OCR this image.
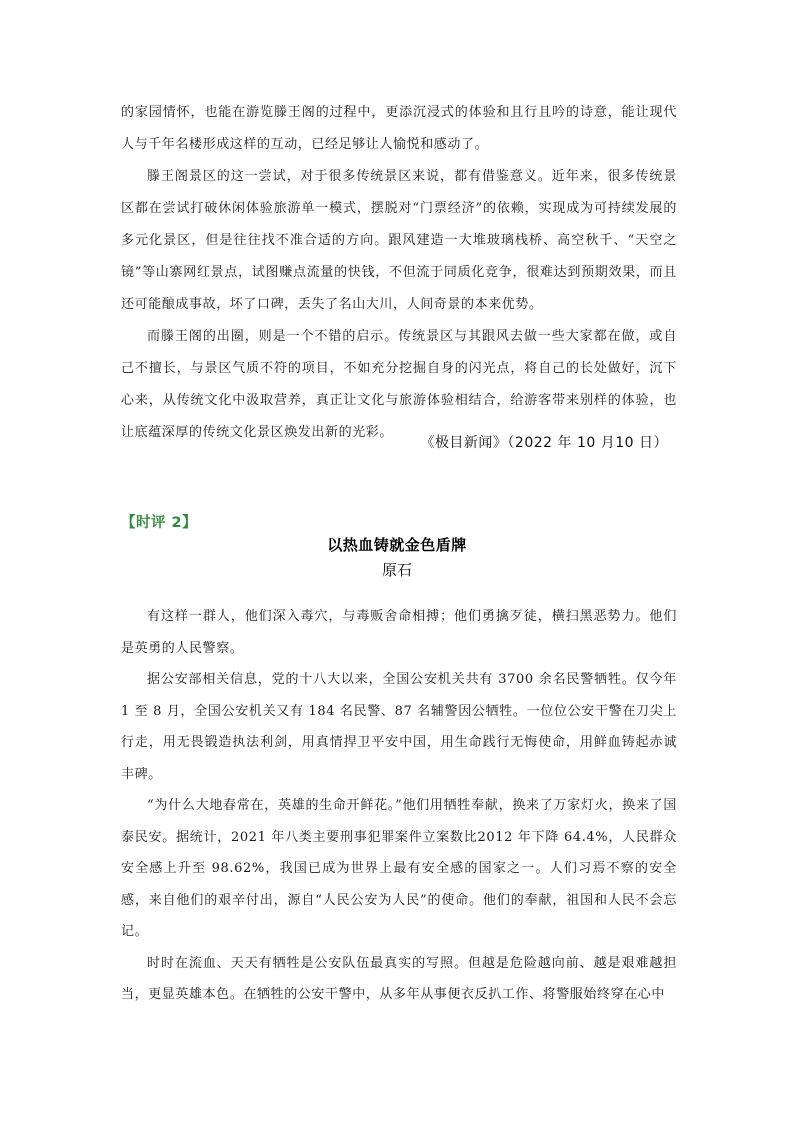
的家园情怀，也能在游览滕王阁的过程中，更添沉浸式的体验和且行且吟的诗意，能让现代人与千年名楼形成这样的互动，已经足够让人愉悦和感动了。

滕王阁景区的这一尝试，对于很多传统景区来说，都有借鉴意义。近年来，很多传统景区都在尝试打破休闲体验旅游单一模式，摆脱对“门票经济”的依赖，实现成为可持续发展的多元化景区，但是往往找不准合适的方向。跟风建造一大堆玻璃栈桥、高空秋千、“天空之镜”等山寨网红景点，试图赚点流量的快钱，不但流于同质化竞争，很难达到预期效果，而且还可能酿成事故，坏了口碑，丢失了名山大川，人间奇景的本来优势。

而滕王阁的出圈，则是一个不错的启示。传统景区与其跟风去做一些大家都在做，或自己不擅长，与景区气质不符的项目，不如充分挖掘自身的闪光点，将自己的长处做好，沉下心来，从传统文化中汲取营养，真正让文化与旅游体验相结合，给游客带来别样的体验，也让底蕴深厚的传统文化景区焕发出新的光彩。

《极目新闻》（2022 年 10 月10 日）
【时评 2】
以热血铸就金色盾牌
原石

有这样一群人，他们深入毒穴，与毒贩舍命相搏；他们勇擒歹徒，横扫黑恶势力。他们是英勇的人民警察。

据公安部相关信息，党的十八大以来，全国公安机关共有 3700 余名民警牺牲。仅今年 1 至 8 月，全国公安机关又有 184 名民警、87 名辅警因公牺牲。一位位公安干警在刀尖上行走，用无畏锻造执法利剑，用真情捍卫平安中国，用生命践行无悔使命，用鲜血铸起赤诚丰碑。

“为什么大地春常在，英雄的生命开鲜花。”他们用牺牲奉献，换来了万家灯火，换来了国泰民安。据统计，2021 年八类主要刑事犯罪案件立案数比2012 年下降 64.4%，人民群众安全感上升至 98.62%，我国已成为世界上最有安全感的国家之一。人们习焉不察的安全感，来自他们的艰辛付出，源自“人民公安为人民”的使命。他们的奉献，祖国和人民不会忘记。

时时在流血、天天有牺牲是公安队伍最真实的写照。但越是危险越向前、越是艰难越担当，更显英雄本色。在牺牲的公安干警中，从多年从事便衣反扒工作、将警服始终穿在心中
